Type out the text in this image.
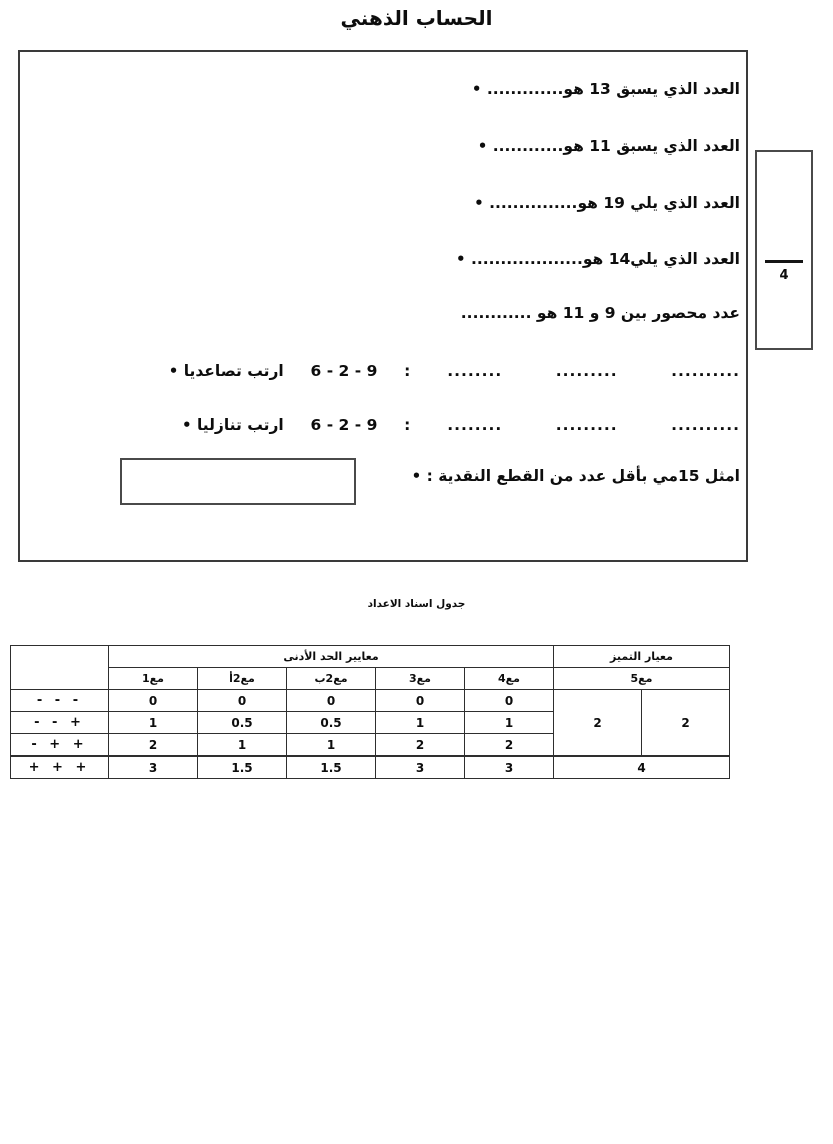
الحساب الذهني
العدد الذي يسبق 13 هو............. •
العدد الذي يسبق 11 هو............ •
العدد الذي يلي 19 هو............... •
العدد الذي يلي14 هو................... •
عدد محصور بين 9 و 11 هو ............
.......... ......... ........  :  9 - 2 - 6  ارتب تصاعديا •
.......... ......... ........  :  9 - 2 - 6  ارتب تنازليا •
امثل 15مي بأقل عدد من القطع النقدية : •
4
جدول اسناد الاعداد
معيار التميز		معايير الحد الأدنى					
مع5		مع4	مع3	مع2ب	مع2أ	مع1	
2	2	0	0	0	0	0	- - -
		1	1	0.5	0.5	1	+ - -
		2	2	1	1	2	+ + -
4		3	3	1.5	1.5	3	+ + +
